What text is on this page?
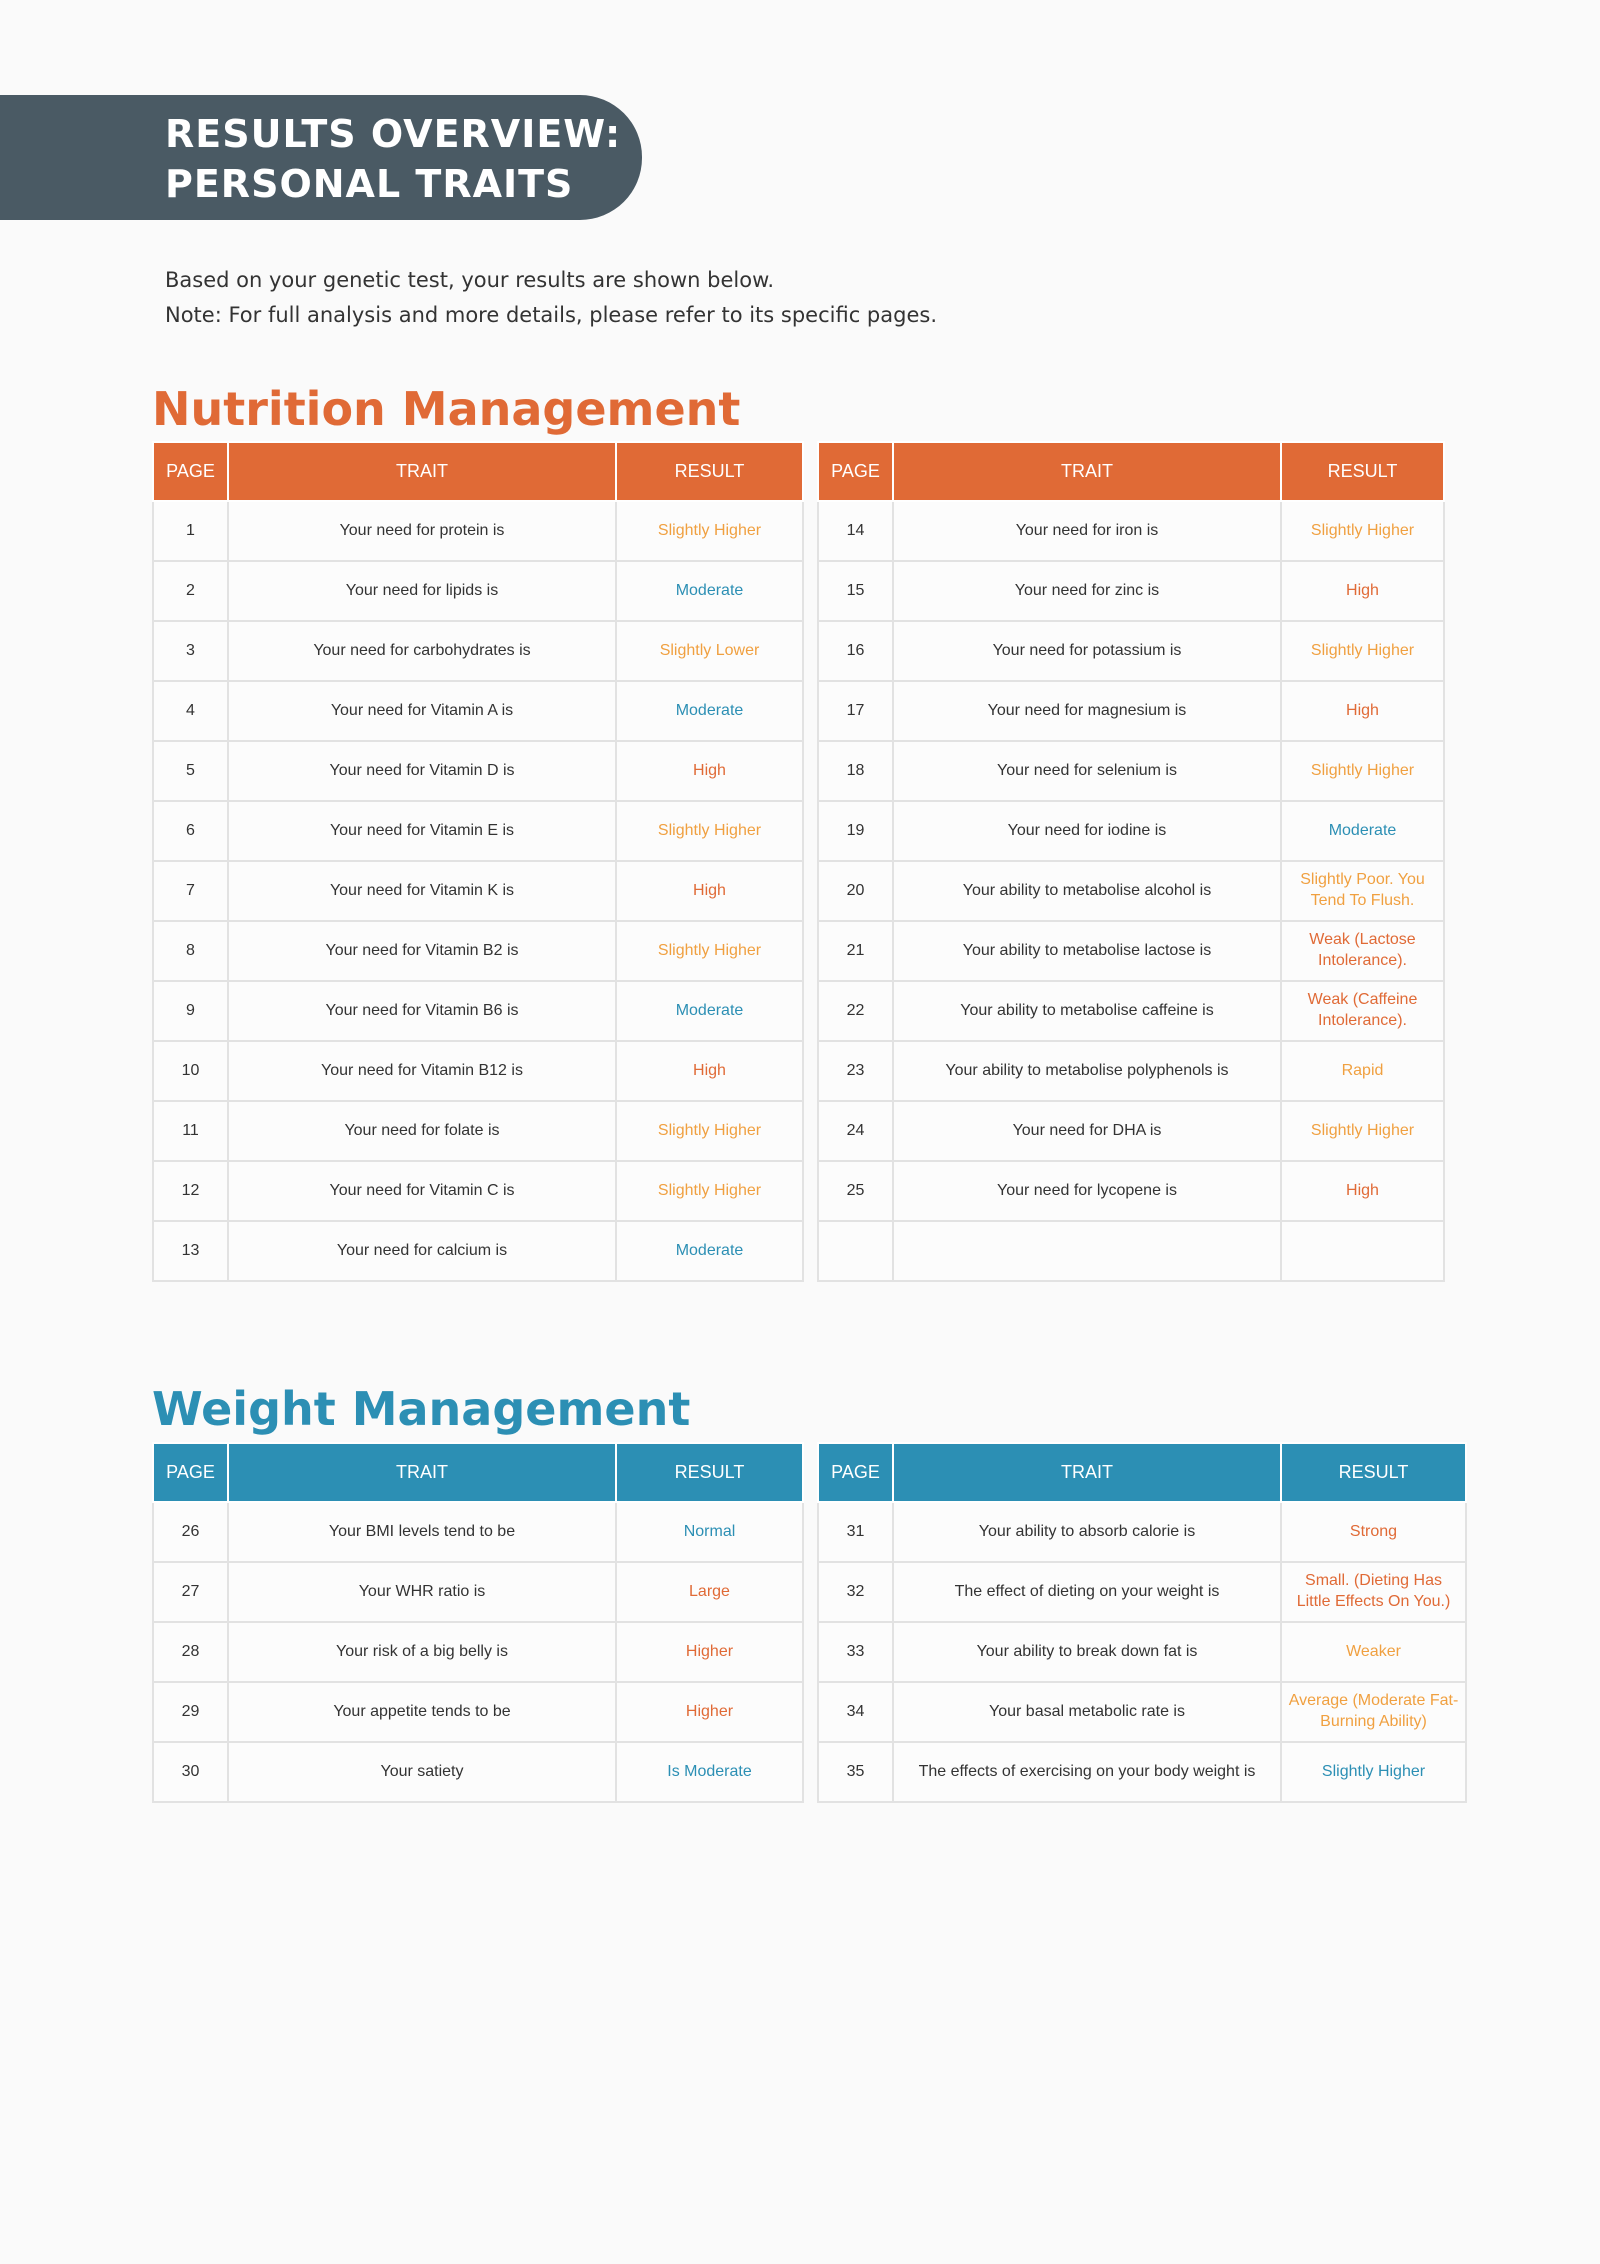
RESULTS OVERVIEW:
PERSONAL TRAITS
Based on your genetic test, your results are shown below.
Note: For full analysis and more details, please refer to its specific pages.
Nutrition Management
PAGE	TRAIT	RESULT
1	Your need for protein is	Slightly Higher
2	Your need for lipids is	Moderate
3	Your need for carbohydrates is	Slightly Lower
4	Your need for Vitamin A is	Moderate
5	Your need for Vitamin D is	High
6	Your need for Vitamin E is	Slightly Higher
7	Your need for Vitamin K is	High
8	Your need for Vitamin B2 is	Slightly Higher
9	Your need for Vitamin B6 is	Moderate
10	Your need for Vitamin B12 is	High
11	Your need for folate is	Slightly Higher
12	Your need for Vitamin C is	Slightly Higher
13	Your need for calcium is	Moderate
PAGE	TRAIT	RESULT
14	Your need for iron is	Slightly Higher
15	Your need for zinc is	High
16	Your need for potassium is	Slightly Higher
17	Your need for magnesium is	High
18	Your need for selenium is	Slightly Higher
19	Your need for iodine is	Moderate
20	Your ability to metabolise alcohol is	Slightly Poor. You Tend To Flush.
21	Your ability to metabolise lactose is	Weak (Lactose Intolerance).
22	Your ability to metabolise caffeine is	Weak (Caffeine Intolerance).
23	Your ability to metabolise polyphenols is	Rapid
24	Your need for DHA is	Slightly Higher
25	Your need for lycopene is	High

Weight Management
PAGE	TRAIT	RESULT
26	Your BMI levels tend to be	Normal
27	Your WHR ratio is	Large
28	Your risk of a big belly is	Higher
29	Your appetite tends to be	Higher
30	Your satiety	Is Moderate
PAGE	TRAIT	RESULT
31	Your ability to absorb calorie is	Strong
32	The effect of dieting on your weight is	Small. (Dieting Has Little Effects On You.)
33	Your ability to break down fat is	Weaker
34	Your basal metabolic rate is	Average (Moderate Fat-Burning Ability)
35	The effects of exercising on your body weight is	Slightly Higher
